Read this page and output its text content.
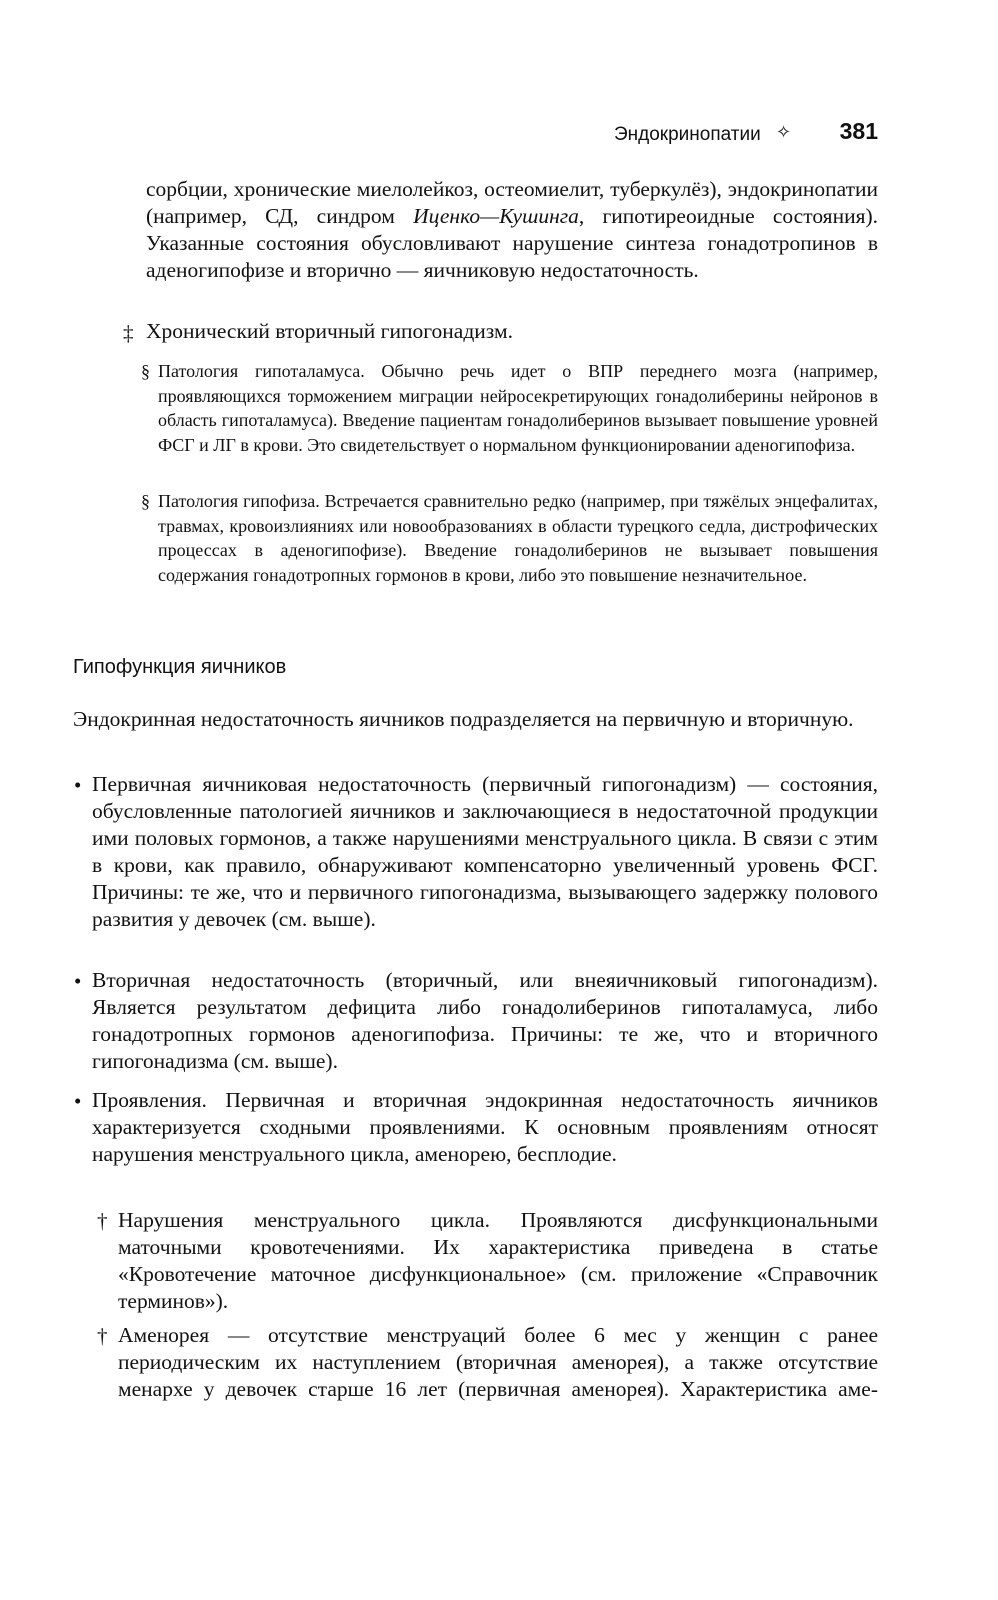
Эндокринопатии ✧ 381

сорбции, хронические миелолейкоз, остеомиелит, туберкулёз), эндокринопатии (например, СД, синдром Иценко—Кушинга, гипотиреоидные состояния). Указанные состояния обусловливают нарушение синтеза гонадотропинов в аденогипофизе и вторично — яичниковую недостаточность.

‡ Хронический вторичный гипогонадизм.

§ Патология гипоталамуса. Обычно речь идет о ВПР переднего мозга (например, проявляющихся торможением миграции нейросекретирующих гонадолиберины нейронов в область гипоталамуса). Введение пациентам гонадолиберинов вызывает повышение уровней ФСГ и ЛГ в крови. Это свидетельствует о нормальном функционировании аденогипофиза.

§ Патология гипофиза. Встречается сравнительно редко (например, при тяжёлых энцефалитах, травмах, кровоизлияниях или новообразованиях в области турецкого седла, дистрофических процессах в аденогипофизе). Введение гонадолиберинов не вызывает повышения содержания гонадотропных гормонов в крови, либо это повышение незначительное.

Гипофункция яичников

Эндокринная недостаточность яичников подразделяется на первичную и вторичную.

• Первичная яичниковая недостаточность (первичный гипогонадизм) — состояния, обусловленные патологией яичников и заключающиеся в недостаточной продукции ими половых гормонов, а также нарушениями менструального цикла. В связи с этим в крови, как правило, обнаруживают компенсаторно увеличенный уровень ФСГ. Причины: те же, что и первичного гипогонадизма, вызывающего задержку полового развития у девочек (см. выше).

• Вторичная недостаточность (вторичный, или внеяичниковый гипогонадизм). Является результатом дефицита либо гонадолиберинов гипоталамуса, либо гонадотропных гормонов аденогипофиза. Причины: те же, что и вторичного гипогонадизма (см. выше).

• Проявления. Первичная и вторичная эндокринная недостаточность яичников характеризуется сходными проявлениями. К основным проявлениям относят нарушения менструального цикла, аменорею, бесплодие.

† Нарушения менструального цикла. Проявляются дисфункциональными маточными кровотечениями. Их характеристика приведена в статье «Кровотечение маточное дисфункциональное» (см. приложение «Справочник терминов»).

† Аменорея — отсутствие менструаций более 6 мес у женщин с ранее периодическим их наступлением (вторичная аменорея), а также отсутствие менархе у девочек старше 16 лет (первичная аменорея). Характеристика аме-
